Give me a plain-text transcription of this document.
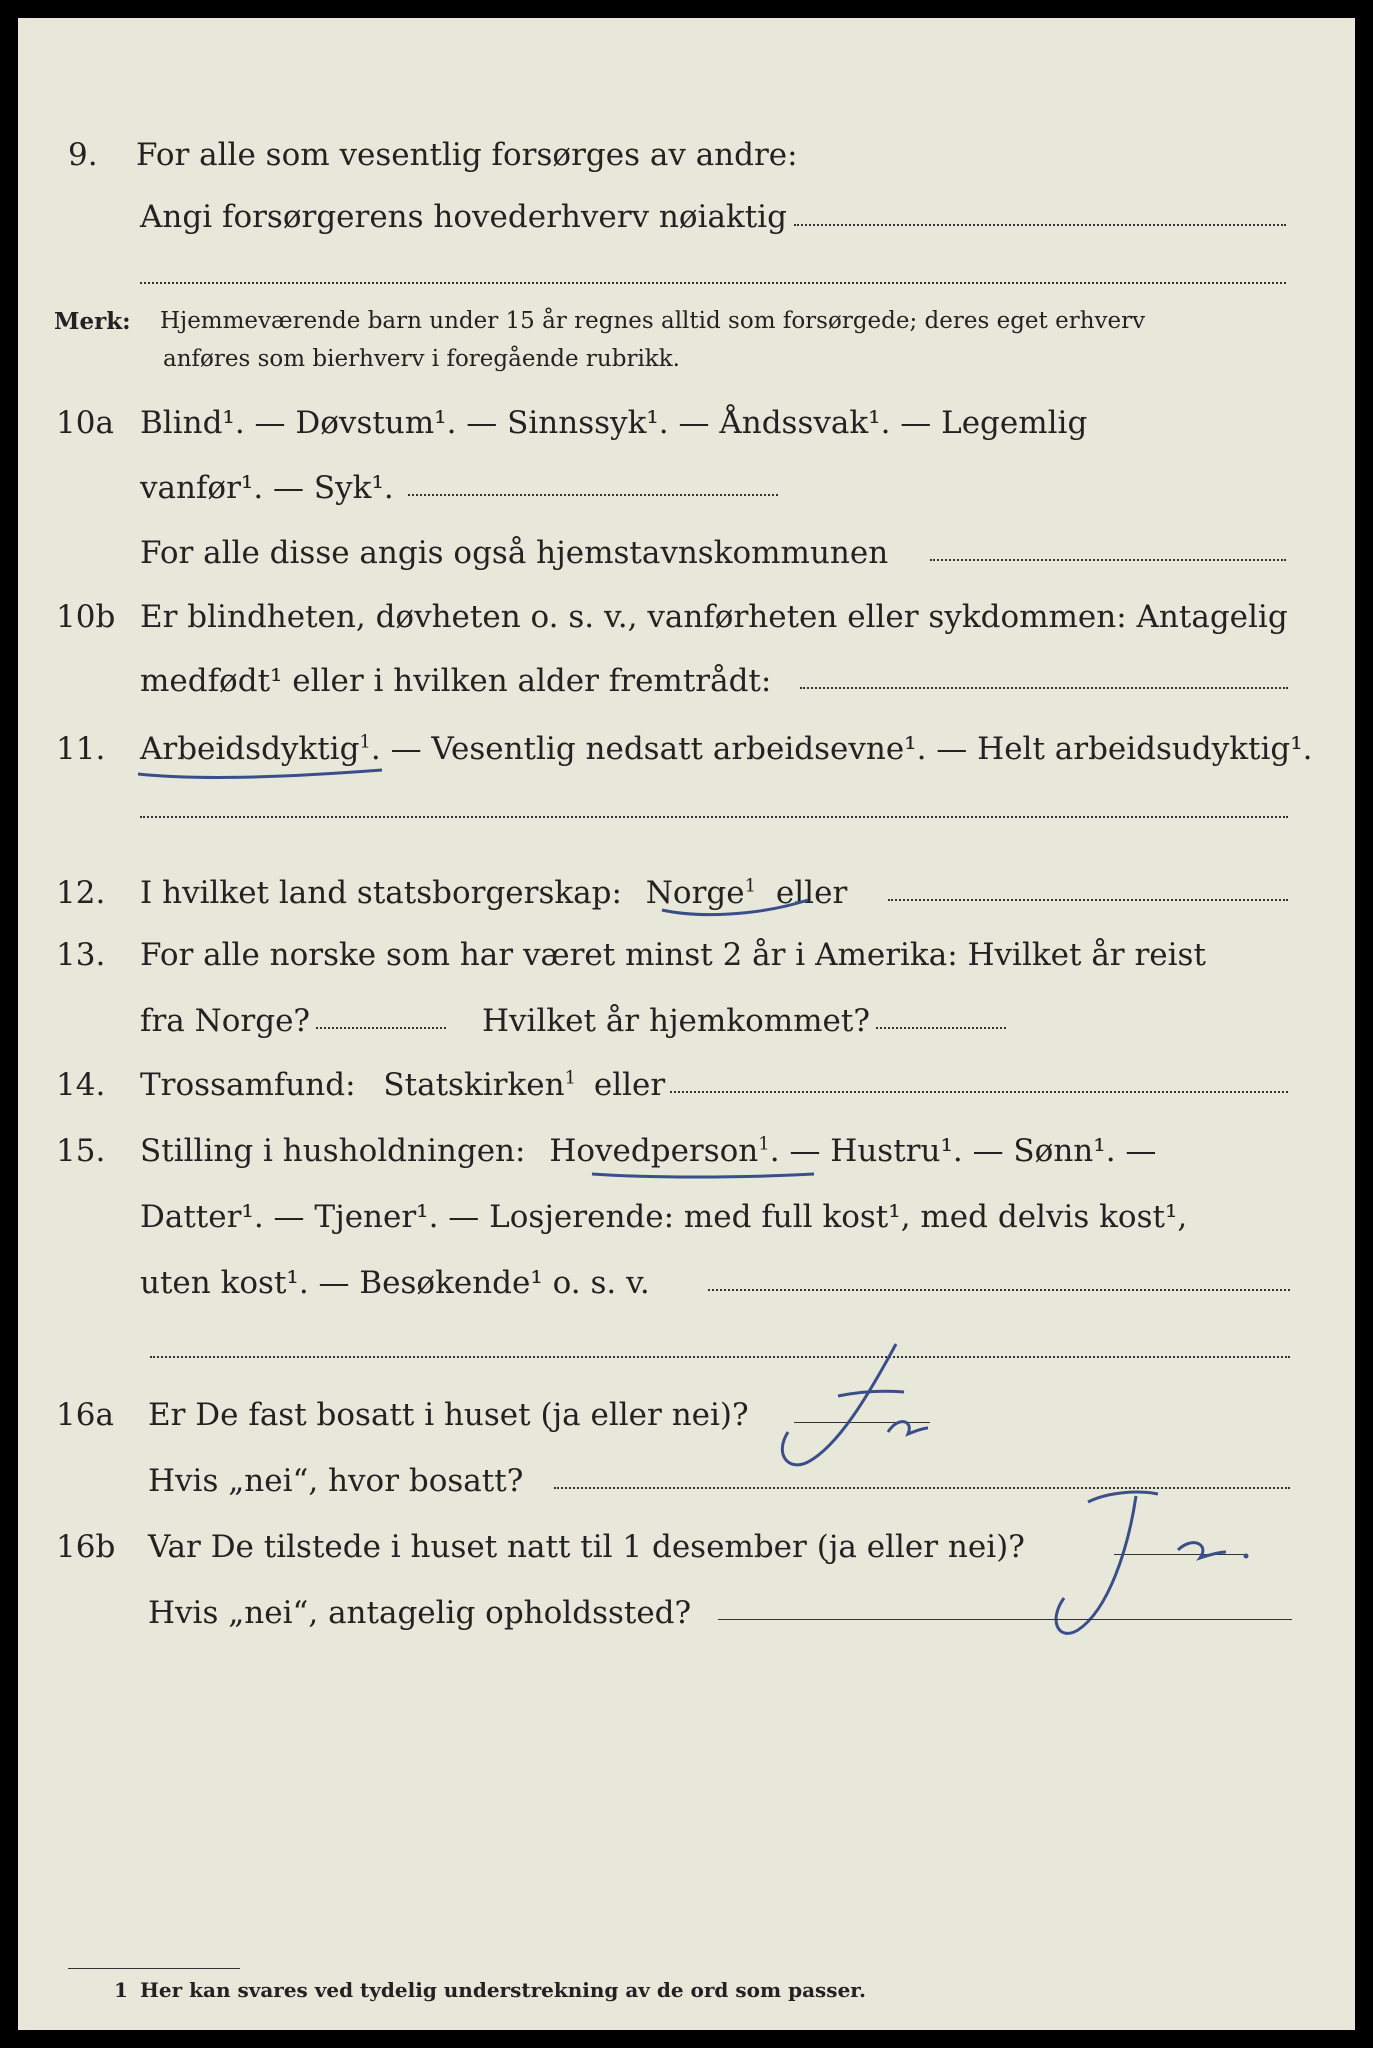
9. For alle som vesentlig forsørges av andre:
Angi forsørgerens hovederhverv nøiaktig
Merk: Hjemmeværende barn under 15 år regnes alltid som forsørgede; deres eget erhverv
anføres som bierhverv i foregående rubrikk.
10a Blind¹. — Døvstum¹. — Sinnssyk¹. — Åndssvak¹. — Legemlig
vanfør¹. — Syk¹.
For alle disse angis også hjemstavnskommunen
10b Er blindheten, døvheten o. s. v., vanførheten eller sykdommen: Antagelig
medfødt¹ eller i hvilken alder fremtrådt:
11. Arbeidsdyktig$^1$. — Vesentlig nedsatt arbeidsevne¹. — Helt arbeidsudyktig¹.
12. I hvilket land statsborgerskap: Norge$^1$ eller
13. For alle norske som har været minst 2 år i Amerika: Hvilket år reist
fra Norge?	Hvilket år hjemkommet?
14. Trossamfund: Statskirken$^1$ eller
15. Stilling i husholdningen: Hovedperson$^1$. — Hustru¹. — Sønn¹. —
Datter¹. — Tjener¹. — Losjerende: med full kost¹, med delvis kost¹,
uten kost¹. — Besøkende¹ o. s. v.
16a Er De fast bosatt i huset (ja eller nei)?
Hvis „nei“, hvor bosatt?
16b Var De tilstede i huset natt til 1 desember (ja eller nei)?
Hvis „nei“, antagelig opholdssted?
1 Her kan svares ved tydelig understrekning av de ord som passer.
